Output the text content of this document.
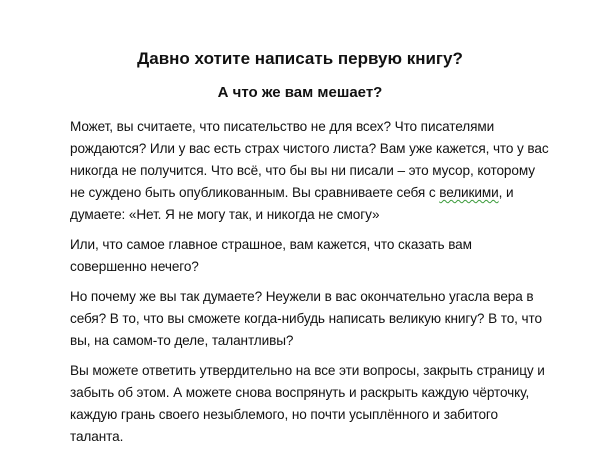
Давно хотите написать первую книгу?
А что же вам мешает?

Может, вы считаете, что писательство не для всех? Что писателями рождаются? Или у вас есть страх чистого листа? Вам уже кажется, что у вас никогда не получится. Что всё, что бы вы ни писали – это мусор, которому не суждено быть опубликованным. Вы сравниваете себя с великими, и думаете: «Нет. Я не могу так, и никогда не смогу»

Или, что самое главное страшное, вам кажется, что сказать вам совершенно нечего?

Но почему же вы так думаете? Неужели в вас окончательно угасла вера в себя? В то, что вы сможете когда-нибудь написать великую книгу? В то, что вы, на самом-то деле, талантливы?

Вы можете ответить утвердительно на все эти вопросы, закрыть страницу и забыть об этом. А можете снова воспрянуть и раскрыть каждую чёрточку, каждую грань своего незыблемого, но почти усыплённого и забитого таланта.
